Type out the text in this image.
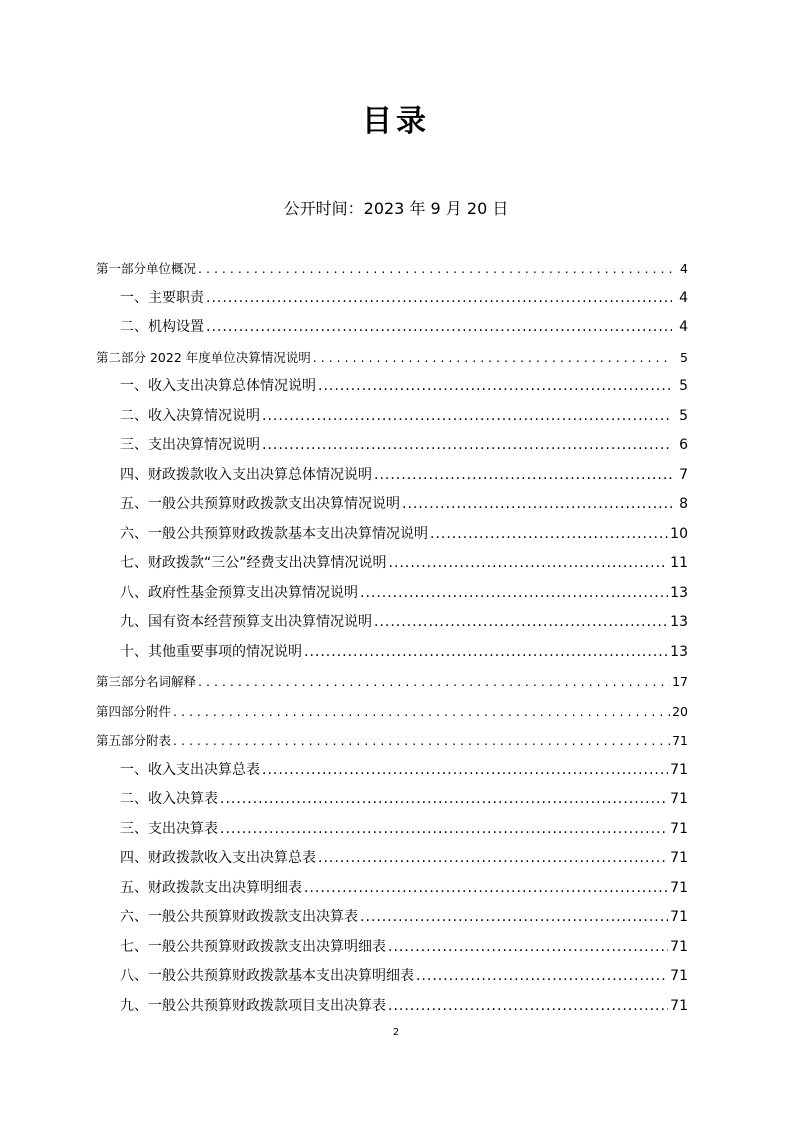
目录

公开时间：2023 年 9 月 20 日

第一部分单位概况 .....	4
一、主要职责 .....	4
二、机构设置 .....	4
第二部分 2022 年度单位决算情况说明 .....	5
一、收入支出决算总体情况说明 .....	5
二、收入决算情况说明 .....	5
三、支出决算情况说明 .....	6
四、财政拨款收入支出决算总体情况说明 .....	7
五、一般公共预算财政拨款支出决算情况说明 .....	8
六、一般公共预算财政拨款基本支出决算情况说明 .....	10
七、财政拨款“三公”经费支出决算情况说明 .....	11
八、政府性基金预算支出决算情况说明 .....	13
九、国有资本经营预算支出决算情况说明 .....	13
十、其他重要事项的情况说明 .....	13
第三部分名词解释 .....	17
第四部分附件 .....	20
第五部分附表 .....	71
一、收入支出决算总表 .....	71
二、收入决算表 .....	71
三、支出决算表 .....	71
四、财政拨款收入支出决算总表 .....	71
五、财政拨款支出决算明细表 .....	71
六、一般公共预算财政拨款支出决算表 .....	71
七、一般公共预算财政拨款支出决算明细表 .....	71
八、一般公共预算财政拨款基本支出决算明细表 .....	71
九、一般公共预算财政拨款项目支出决算表 .....	71

2
